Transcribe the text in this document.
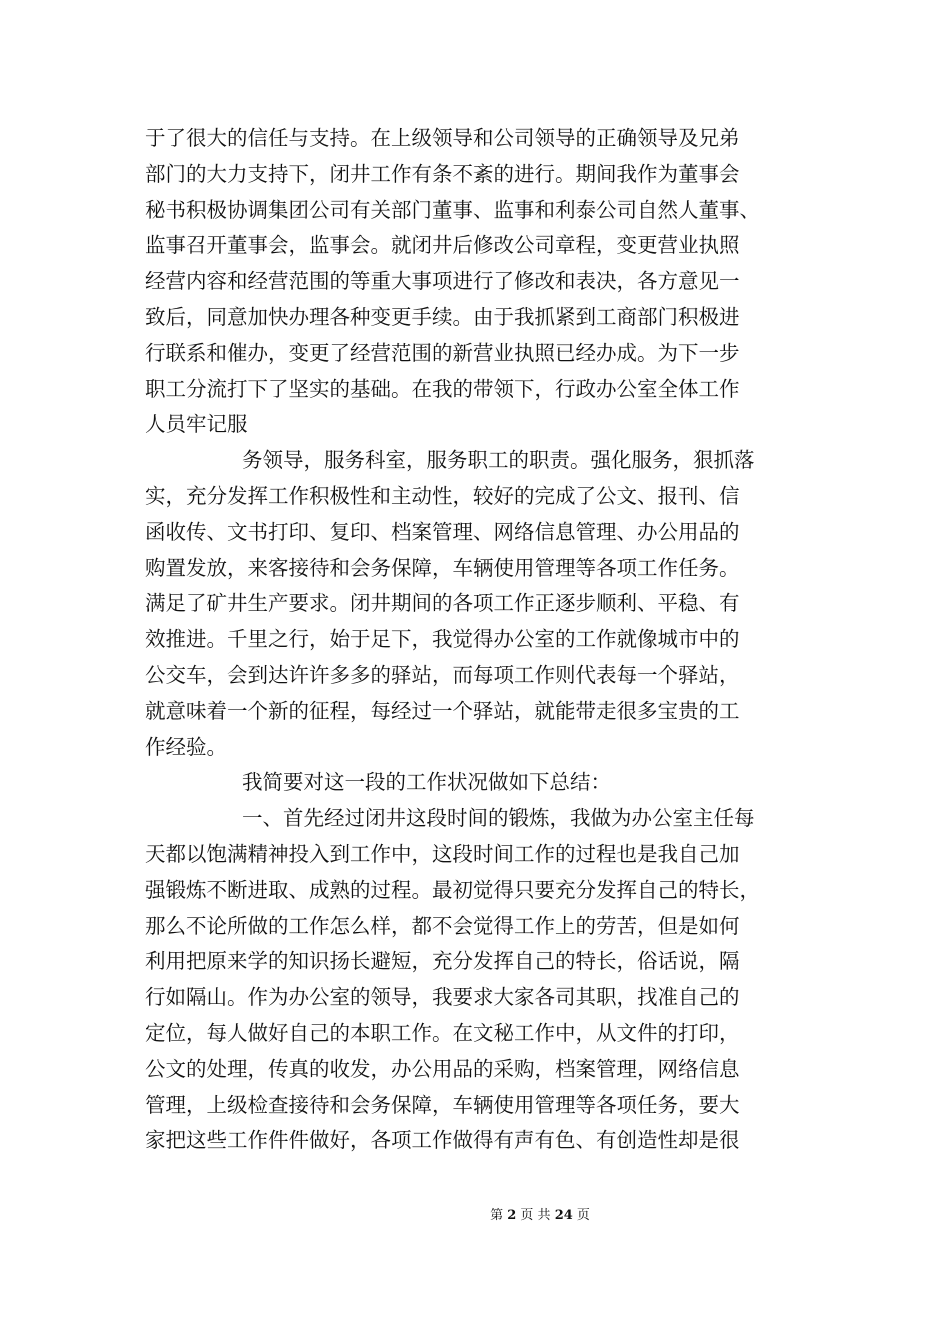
于了很大的信任与支持。在上级领导和公司领导的正确领导及兄弟
部门的大力支持下，闭井工作有条不紊的进行。期间我作为董事会
秘书积极协调集团公司有关部门董事、监事和利泰公司自然人董事、
监事召开董事会，监事会。就闭井后修改公司章程，变更营业执照
经营内容和经营范围的等重大事项进行了修改和表决，各方意见一
致后，同意加快办理各种变更手续。由于我抓紧到工商部门积极进
行联系和催办，变更了经营范围的新营业执照已经办成。为下一步
职工分流打下了坚实的基础。在我的带领下，行政办公室全体工作
人员牢记服
务领导，服务科室，服务职工的职责。强化服务，狠抓落
实，充分发挥工作积极性和主动性，较好的完成了公文、报刊、信
函收传、文书打印、复印、档案管理、网络信息管理、办公用品的
购置发放，来客接待和会务保障，车辆使用管理等各项工作任务。
满足了矿井生产要求。闭井期间的各项工作正逐步顺利、平稳、有
效推进。千里之行，始于足下，我觉得办公室的工作就像城市中的
公交车，会到达许许多多的驿站，而每项工作则代表每一个驿站，
就意味着一个新的征程，每经过一个驿站，就能带走很多宝贵的工
作经验。
我简要对这一段的工作状况做如下总结：
一、首先经过闭井这段时间的锻炼，我做为办公室主任每
天都以饱满精神投入到工作中，这段时间工作的过程也是我自己加
强锻炼不断进取、成熟的过程。最初觉得只要充分发挥自己的特长，
那么不论所做的工作怎么样，都不会觉得工作上的劳苦，但是如何
利用把原来学的知识扬长避短，充分发挥自己的特长，俗话说，隔
行如隔山。作为办公室的领导，我要求大家各司其职，找准自己的
定位，每人做好自己的本职工作。在文秘工作中，从文件的打印，
公文的处理，传真的收发，办公用品的采购，档案管理，网络信息
管理，上级检查接待和会务保障，车辆使用管理等各项任务，要大
家把这些工作件件做好，各项工作做得有声有色、有创造性却是很
第 2 页 共 24 页
